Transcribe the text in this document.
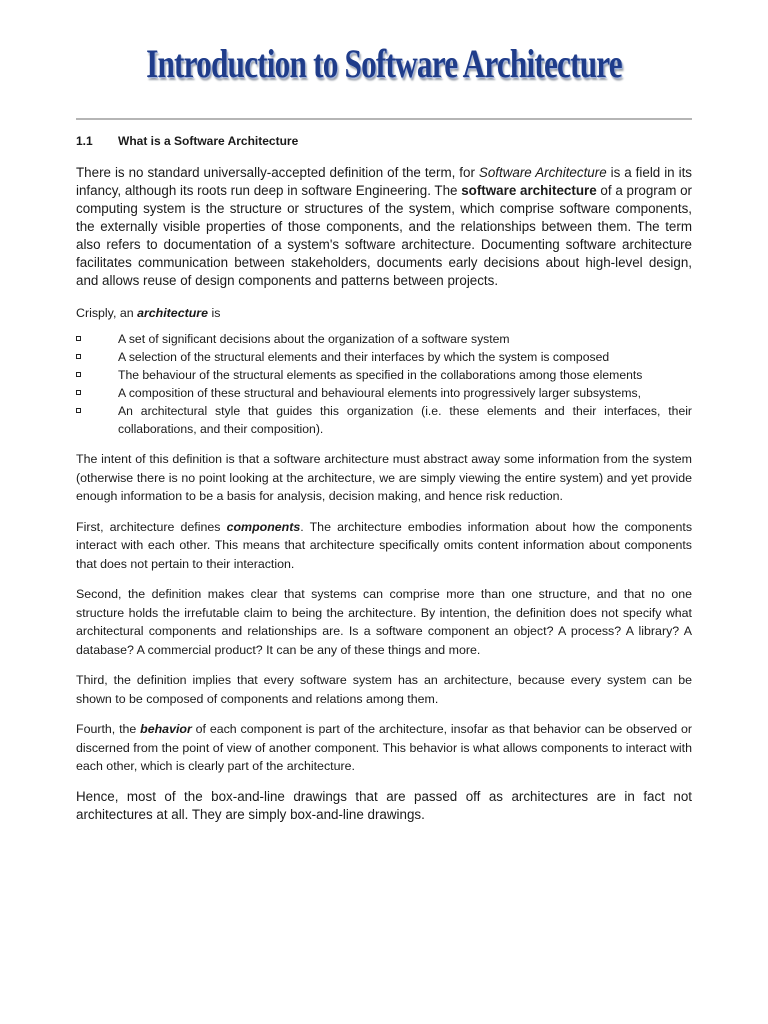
Introduction to Software Architecture
1.1 What is a Software Architecture

There is no standard universally-accepted definition of the term, for Software Architecture is a field in its infancy, although its roots run deep in software Engineering. The software architecture of a program or computing system is the structure or structures of the system, which comprise software components, the externally visible properties of those components, and the relationships between them. The term also refers to documentation of a system's software architecture. Documenting software architecture facilitates communication between stakeholders, documents early decisions about high-level design, and allows reuse of design components and patterns between projects.

Crisply, an architecture is

A set of significant decisions about the organization of a software system
A selection of the structural elements and their interfaces by which the system is composed
The behaviour of the structural elements as specified in the collaborations among those elements
A composition of these structural and behavioural elements into progressively larger subsystems,
An architectural style that guides this organization (i.e. these elements and their interfaces, their collaborations, and their composition).

The intent of this definition is that a software architecture must abstract away some information from the system (otherwise there is no point looking at the architecture, we are simply viewing the entire system) and yet provide enough information to be a basis for analysis, decision making, and hence risk reduction.

First, architecture defines components. The architecture embodies information about how the components interact with each other. This means that architecture specifically omits content information about components that does not pertain to their interaction.

Second, the definition makes clear that systems can comprise more than one structure, and that no one structure holds the irrefutable claim to being the architecture. By intention, the definition does not specify what architectural components and relationships are. Is a software component an object? A process? A library? A database? A commercial product? It can be any of these things and more.

Third, the definition implies that every software system has an architecture, because every system can be shown to be composed of components and relations among them.

Fourth, the behavior of each component is part of the architecture, insofar as that behavior can be observed or discerned from the point of view of another component. This behavior is what allows components to interact with each other, which is clearly part of the architecture.

Hence, most of the box-and-line drawings that are passed off as architectures are in fact not architectures at all. They are simply box-and-line drawings.
